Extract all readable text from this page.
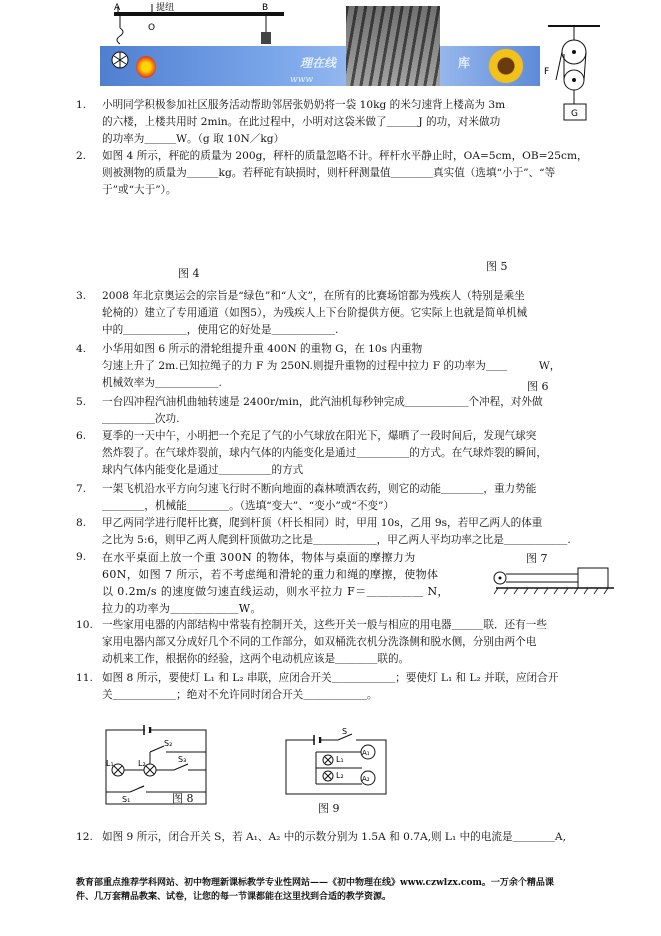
理在线
www
库
A	B
O
提纽
F
G
1.	小明同学积极参加社区服务活动帮助邻居张奶奶将一袋 10kg 的米匀速背上楼高为 3m
的六楼，上楼共用时 2min。在此过程中，小明对这袋米做了＿＿＿J 的功，对米做功
的功率为＿＿＿W。（g 取 10N／kg）
2.	如图 4 所示，秤砣的质量为 200g，秤杆的质量忽略不计。秤杆水平静止时，OA=5cm，OB=25cm，
则被测物的质量为＿＿＿kg。若秤砣有缺损时，则杆秤测量值＿＿＿＿真实值（选填“小于”、“等
于”或“大于”）。
图 4
图 5
3.	2008 年北京奥运会的宗旨是“绿色”和“人文”，在所有的比赛场馆都为残疾人（特别是乘坐
轮椅的）建立了专用通道（如图5），为残疾人上下台阶提供方便。它实际上也就是简单机械
中的＿＿＿＿＿＿，使用它的好处是＿＿＿＿＿＿.
4.	小华用如图 6 所示的滑轮组提升重 400N 的重物 G，在 10s 内重物
匀速上升了 2m.已知拉绳子的力 F 为 250N.则提升重物的过程中拉力 F 的功率为＿＿　　　W，
机械效率为＿＿＿＿＿＿.	图 6
5.	一台四冲程汽油机曲轴转速是 2400r/min，此汽油机每秒钟完成＿＿＿＿＿＿个冲程，对外做
＿＿＿＿＿次功.
6.	夏季的一天中午，小明把一个充足了气的小气球放在阳光下，爆晒了一段时间后，发现气球突
然炸裂了。在气球炸裂前，球内气体的内能变化是通过＿＿＿＿＿的方式。在气球炸裂的瞬间，
球内气体内能变化是通过＿＿＿＿＿的方式
7.	一架飞机沿水平方向匀速飞行时不断向地面的森林喷洒农药，则它的动能＿＿＿＿，重力势能
＿＿＿＿，机械能＿＿＿＿。（选填“变大”、“变小”或“不变”）
8.	甲乙两同学进行爬杆比赛，爬到杆顶（杆长相同）时，甲用 10s，乙用 9s，若甲乙两人的体重
之比为 5:6，则甲乙两人爬到杆顶做功之比是＿＿＿＿＿＿，甲乙两人平均功率之比是＿＿＿＿＿＿.
9.	在水平桌面上放一个重 300N 的物体，物体与桌面的摩擦力为
60N，如图 7 所示，若不考虑绳和滑轮的重力和绳的摩擦，使物体
以 0.2m/s 的速度做匀速直线运动，则水平拉力 F＝＿＿＿＿＿ N，
拉力的功率为＿＿＿＿＿＿W。
图 7
10. 一些家用电器的内部结构中常装有控制开关，这些开关一般与相应的用电器＿＿＿联．还有一些
家用电器内部又分成好几个不同的工作部分，如双桶洗衣机分洗涤侧和脱水侧，分别由两个电
动机来工作，根据你的经验，这两个电动机应该是＿＿＿＿联的。
11. 如图 8 所示，要使灯 L₁ 和 L₂ 串联，应闭合开关＿＿＿＿＿＿；要使灯 L₁ 和 L₂ 并联，应闭合开
关＿＿＿＿＿＿；绝对不允许同时闭合开关＿＿＿＿＿＿。
L₁	L₂
S₂
S₃
S₁	图 8
S
L₁
L₂
A₁
A₂
图 9
12. 如图 9 所示，闭合开关 S，若 A₁、A₂ 中的示数分别为 1.5A 和 0.7A,则 L₁ 中的电流是＿＿＿＿A,
教育部重点推荐学科网站、初中物理新课标教学专业性网站——《初中物理在线》www.czwlzx.com。一万余个精品课
件、几万套精品教案、试卷，让您的每一节课都能在这里找到合适的教学资源。
